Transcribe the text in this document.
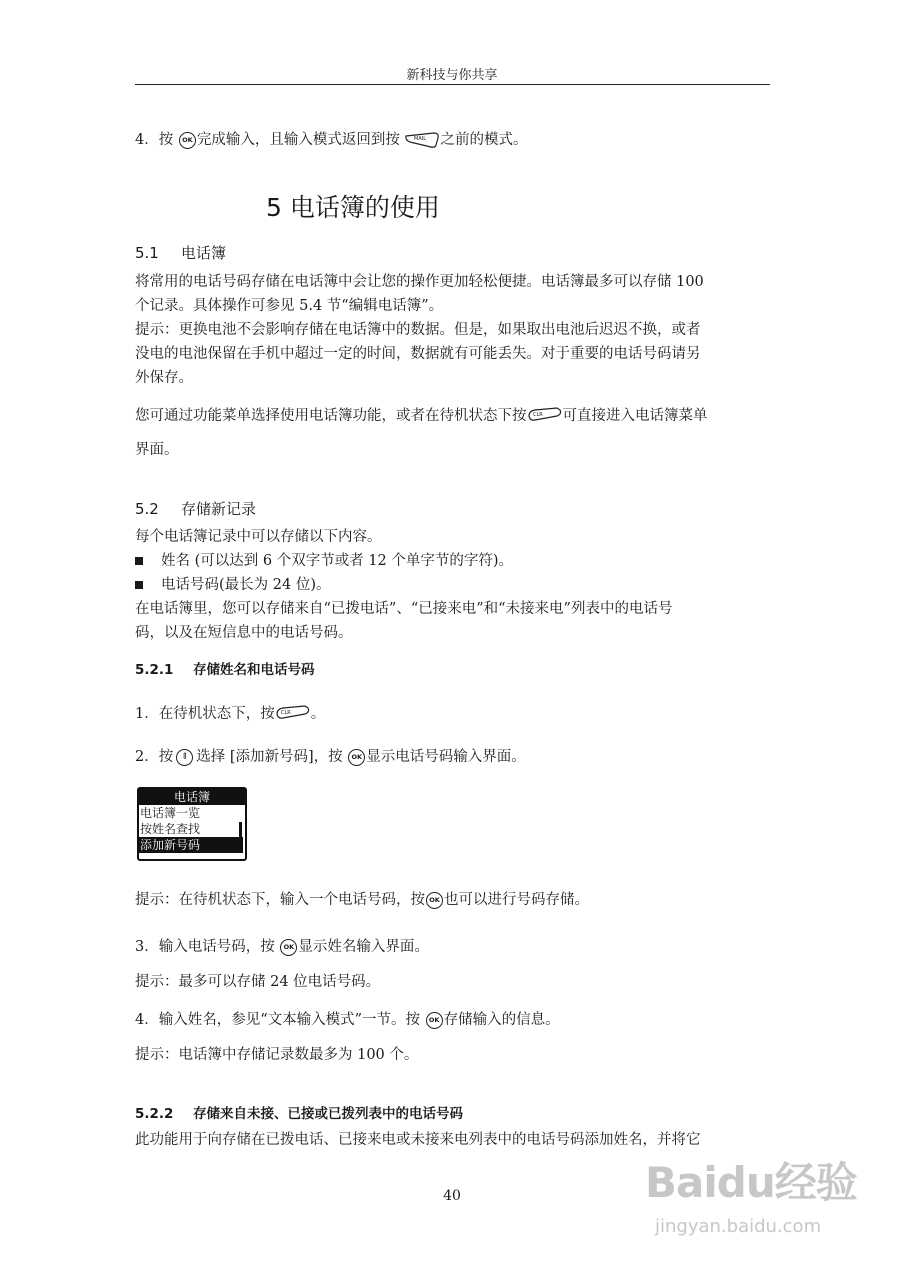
新科技与你共享
4．按 OK 完成输入，且输入模式返回到按	MAIL 之前的模式。
5 电话簿的使用
5.1 电话簿
将常用的电话号码存储在电话簿中会让您的操作更加轻松便捷。电话簿最多可以存储 100
个记录。具体操作可参见 5.4 节“编辑电话簿”。
提示：更换电池不会影响存储在电话簿中的数据。但是，如果取出电池后迟迟不换，或者
没电的电池保留在手机中超过一定的时间，数据就有可能丢失。对于重要的电话号码请另
外保存。
您可通过功能菜单选择使用电话簿功能，或者在待机状态下按 CLR 可直接进入电话簿菜单
界面。
5.2 存储新记录
每个电话簿记录中可以存储以下内容。
姓名 (可以达到 6 个双字节或者 12 个单字节的字符)。
电话号码(最长为 24 位)。
在电话簿里，您可以存储来自“已拨电话”、“已接来电”和“未接来电”列表中的电话号
码，以及在短信息中的电话号码。
5.2.1 存储姓名和电话号码
1．在待机状态下，按 CLR 。
2．按 ⇕ 选择 [添加新号码]，按 OK 显示电话号码输入界面。
电话簿
电话簿一览
按姓名查找
添加新号码
提示：在待机状态下，输入一个电话号码，按 OK 也可以进行号码存储。
3．输入电话号码，按 OK 显示姓名输入界面。
提示：最多可以存储 24 位电话号码。
4．输入姓名，参见“文本输入模式”一节。按 OK 存储输入的信息。
提示：电话簿中存储记录数最多为 100 个。
5.2.2 存储来自未接、已接或已拨列表中的电话号码
此功能用于向存储在已拨电话、已接来电或未接来电列表中的电话号码添加姓名，并将它
40	Baidu经验
jingyan.baidu.com
